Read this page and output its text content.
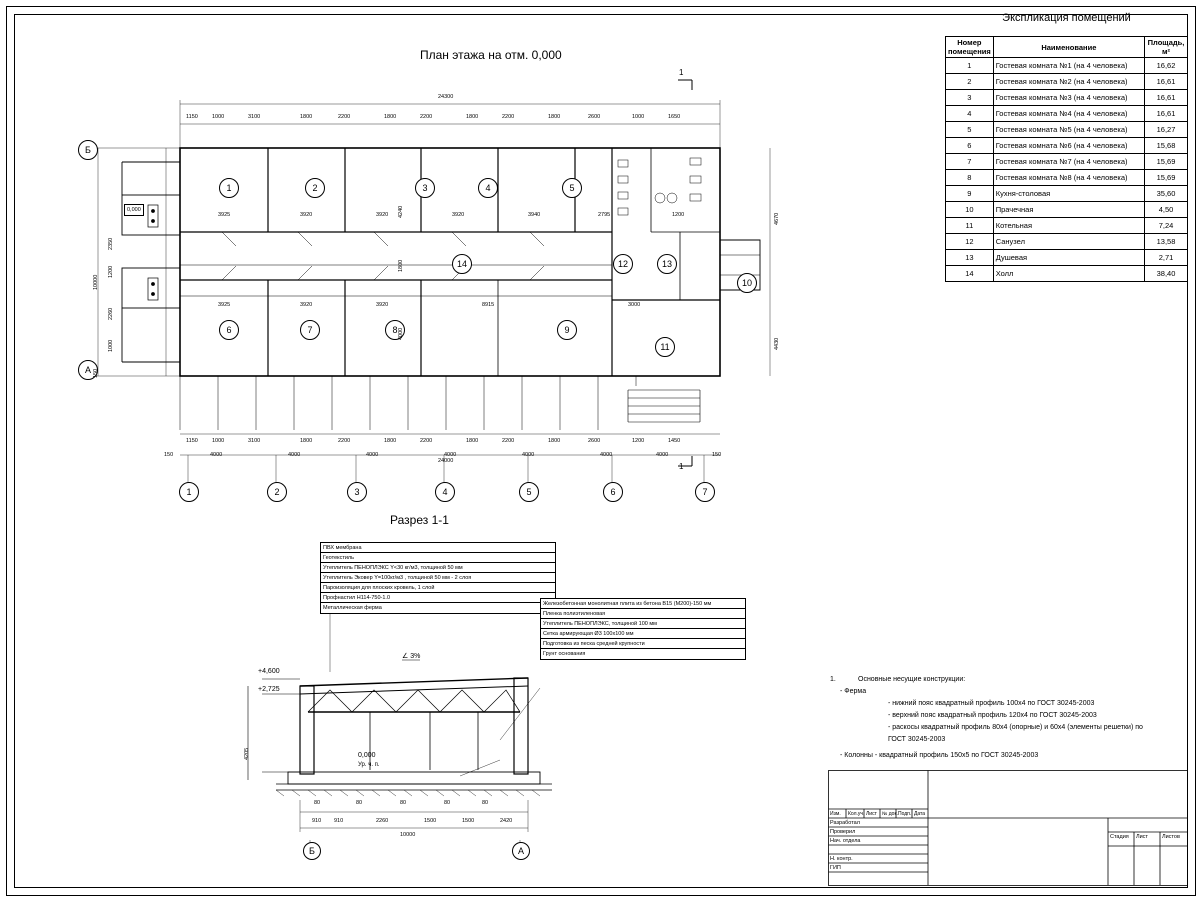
Экспликация помещений
Номер помещения	Наименование	Площадь, м²
1	Гостевая комната №1 (на 4 человека)	16,62
2	Гостевая комната №2 (на 4 человека)	16,61
3	Гостевая комната №3 (на 4 человека)	16,61
4	Гостевая комната №4 (на 4 человека)	16,61
5	Гостевая комната №5 (на 4 человека)	16,27
6	Гостевая комната №6 (на 4 человека)	15,68
7	Гостевая комната №7 (на 4 человека)	15,69
8	Гостевая комната №8 (на 4 человека)	15,69
9	Кухня-столовая	35,60
10	Прачечная	4,50
11	Котельная	7,24
12	Санузел	13,58
13	Душевая	2,71
14	Холл	38,40
План этажа на отм. 0,000
Разрез 1-1
1	2	3	4	5
6	7	8	9
10
11
12	13
14
Б
А
1	2	3	4	5	6	7
24300
24000
0,000
1
1
1150	1000	3100	1800	2200	1800	2200	1800	2200	1800	2600	1000	1650
1150	1000	3100	1800	2200	1800	2200	1800	2200	1800	2600	1200	1450
150	4000	4000	4000	4000	4000	4000	4000	150
3925	3920	3920	3920	3940	2795	1200
3925	3920	3920	8915	3000
10000
2350
1200
2260
1000
150
4670
4430
4240
1800
4000
∠ 3%
+4,600
+2,725
0,000
Ур. ч. п.
4205
10000
Б	А
910 910	2260	1500	1500	2420
80	80	80	80	80
ПВХ мембрана
Геотекстиль
Утеплитель ПЕНОПЛЭКС Y<30 кг/м3, толщиной 50 мм
Утеплитель Эковер Y=100кг/м3 , толщиной 50 мм - 2 слоя
Пароизоляция для плоских кровель, 1 слой
Профнастил Н114-750-1.0
Металлическая ферма
Железобетонная монолитная плита из бетона В15 (М200)-150 мм
Пленка полиэтиленовая
Утеплитель ПЕНОПЛЭКС, толщиной 100 мм
Сетка армирующая Ø3 100х100 мм
Подготовка из песка средней крупности
Грунт основания
1.	Основные несущие конструкции:
- Ферма
- нижний пояс квадратный профиль 100х4 по ГОСТ 30245-2003
- верхний пояс квадратный профиль 120х4 по ГОСТ 30245-2003
- раскосы квадратный профиль 80х4 (опорные) и 60х4 (элементы решетки) по
ГОСТ 30245-2003
- Колонны - квадратный профиль 150х5 по ГОСТ 30245-2003
Изм. Кол.уч. Лист № док. Подп. Дата
Разработал
Проверил
Нач. отдела
Н. контр.
ГИП
Стадия Лист	Листов
